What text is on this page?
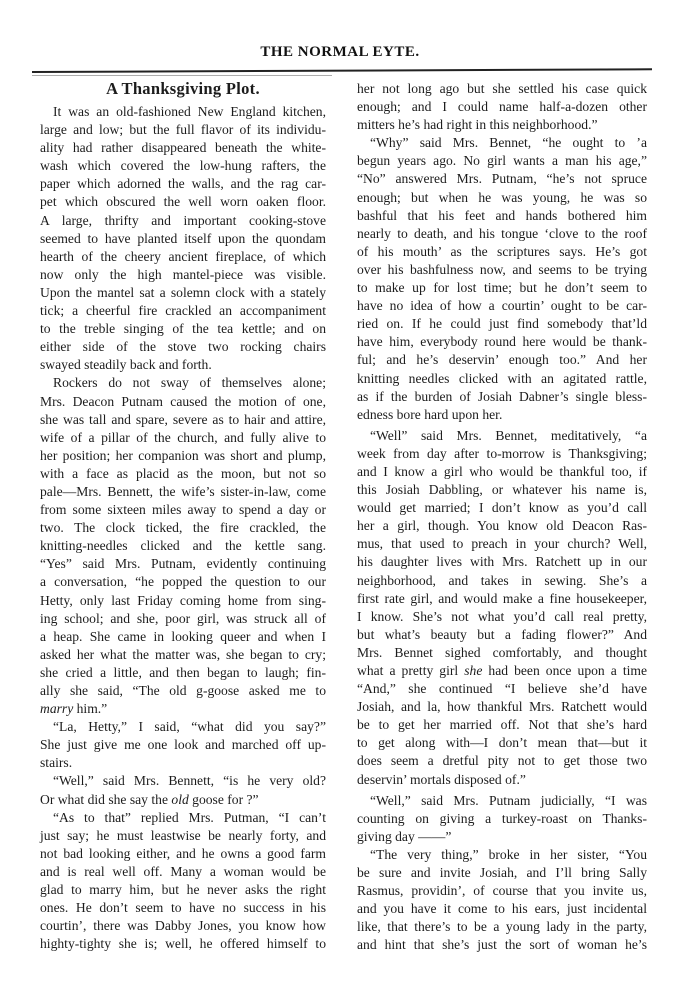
THE NORMAL EYTE.
A Thanksgiving Plot.
It was an old-fashioned New England kitchen,
large and low; but the full flavor of its individu-
ality had rather disappeared beneath the white-
wash which covered the low-hung rafters, the
paper which adorned the walls, and the rag car-
pet which obscured the well worn oaken floor.
A large, thrifty and important cooking-stove
seemed to have planted itself upon the quondam
hearth of the cheery ancient fireplace, of which
now only the high mantel-piece was visible.
Upon the mantel sat a solemn clock with a stately
tick; a cheerful fire crackled an accompaniment
to the treble singing of the tea kettle; and on
either side of the stove two rocking chairs
swayed steadily back and forth.
Rockers do not sway of themselves alone;
Mrs. Deacon Putnam caused the motion of one,
she was tall and spare, severe as to hair and attire,
wife of a pillar of the church, and fully alive to
her position; her companion was short and plump,
with a face as placid as the moon, but not so
pale—Mrs. Bennett, the wife’s sister-in-law, come
from some sixteen miles away to spend a day or
two. The clock ticked, the fire crackled, the
knitting-needles clicked and the kettle sang.
“Yes” said Mrs. Putnam, evidently continuing
a conversation, “he popped the question to our
Hetty, only last Friday coming home from sing-
ing school; and she, poor girl, was struck all of
a heap. She came in looking queer and when I
asked her what the matter was, she began to cry;
she cried a little, and then began to laugh; fin-
ally she said, “The old g-goose asked me to
marry him.”
“La, Hetty,” I said, “what did you say?”
She just give me one look and marched off up-
stairs.
“Well,” said Mrs. Bennett, “is he very old?
Or what did she say the old goose for ?”
“As to that” replied Mrs. Putman, “I can’t
just say; he must leastwise be nearly forty, and
not bad looking either, and he owns a good farm
and is real well off. Many a woman would be
glad to marry him, but he never asks the right
ones. He don’t seem to have no success in his
courtin’, there was Dabby Jones, you know how
highty-tighty she is; well, he offered himself to
her not long ago but she settled his case quick
enough; and I could name half-a-dozen other
mitters he’s had right in this neighborhood.”
“Why” said Mrs. Bennet, “he ought to ’a
begun years ago. No girl wants a man his age,”
“No” answered Mrs. Putnam, “he’s not spruce
enough; but when he was young, he was so
bashful that his feet and hands bothered him
nearly to death, and his tongue ‘clove to the roof
of his mouth’ as the scriptures says. He’s got
over his bashfulness now, and seems to be trying
to make up for lost time; but he don’t seem to
have no idea of how a courtin’ ought to be car-
ried on. If he could just find somebody that’ld
have him, everybody round here would be thank-
ful; and he’s deservin’ enough too.” And her
knitting needles clicked with an agitated rattle,
as if the burden of Josiah Dabner’s single bless-
edness bore hard upon her.
“Well” said Mrs. Bennet, meditatively, “a
week from day after to-morrow is Thanksgiving;
and I know a girl who would be thankful too, if
this Josiah Dabbling, or whatever his name is,
would get married; I don’t know as you’d call
her a girl, though. You know old Deacon Ras-
mus, that used to preach in your church? Well,
his daughter lives with Mrs. Ratchett up in our
neighborhood, and takes in sewing. She’s a
first rate girl, and would make a fine housekeeper,
I know. She’s not what you’d call real pretty,
but what’s beauty but a fading flower?” And
Mrs. Bennet sighed comfortably, and thought
what a pretty girl she had been once upon a time
“And,” she continued “I believe she’d have
Josiah, and la, how thankful Mrs. Ratchett would
be to get her married off. Not that she’s hard
to get along with—I don’t mean that—but it
does seem a dretful pity not to get those two
deservin’ mortals disposed of.”
“Well,” said Mrs. Putnam judicially, “I was
counting on giving a turkey-roast on Thanks-
giving day ——”
“The very thing,” broke in her sister, “You
be sure and invite Josiah, and I’ll bring Sally
Rasmus, providin’, of course that you invite us,
and you have it come to his ears, just incidental
like, that there’s to be a young lady in the party,
and hint that she’s just the sort of woman he’s
